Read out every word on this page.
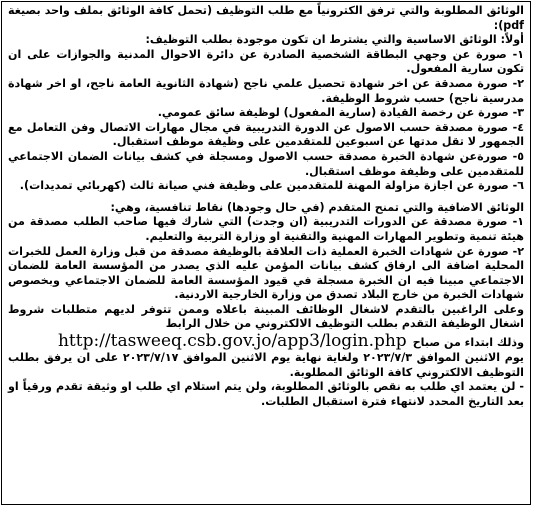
الوثائق المطلوبة والتي ترفق الكترونياً مع طلب التوظيف (تحمل كافة الوثائق بملف واحد بصيغة pdf):

أولاً: الوثائق الاساسية والتي يشترط ان تكون موجودة بطلب التوظيف:

١- صورة عن وجهي البطاقة الشخصية الصادرة عن دائرة الاحوال المدنية والجوازات على ان تكون سارية المفعول.

٢- صورة مصدقة عن اخر شهادة تحصيل علمي ناجح (شهادة الثانوية العامة ناجح، او اخر شهادة مدرسية ناجح) حسب شروط الوظيفة.

٣- صورة عن رخصة القيادة (سارية المفعول) لوظيفة سائق عمومي.

٤- صورة مصدقة حسب الاصول عن الدورة التدريبية في مجال مهارات الاتصال وفن التعامل مع الجمهور لا تقل مدتها عن اسبوعين للمتقدمين على وظيفة موظف استقبال.

٥- صورةعن شهادة الخبرة مصدقة حسب الاصول ومسجلة في كشف بيانات الضمان الاجتماعي للمتقدمين على وظيفة موظف استقبال.

٦- صورة عن اجازة مزاولة المهنة للمتقدمين على وظيفة فني صيانة ثالث (كهربائي تمديدات).

الوثائق الاضافية والتي تمنح المتقدم (في حال وجودها) نقاط تنافسية، وهي:

١- صورة مصدقة عن الدورات التدريبية (ان وجدت) التي شارك فيها صاحب الطلب مصدقة من هيئة تنمية وتطوير المهارات المهنية والتقنية او وزارة التربية والتعليم.

٢- صورة عن شهادات الخبرة العملية ذات العلاقة بالوظيفة مصدقة من قبل وزارة العمل للخبرات المحلية اضافة الى ارفاق كشف بيانات المؤمن عليه الذي يصدر من المؤسسة العامة للضمان الاجتماعي مبينا فيه ان الخبرة مسجلة في قيود المؤسسة العامة للضمان الاجتماعي وبخصوص شهادات الخبرة من خارج البلاد تصدق من وزارة الخارجية الاردنية.

وعلى الراغبين بالتقدم لاشغال الوظائف المبينة باعلاه وممن تتوفر لديهم متطلبات شروط اشغال الوظيفة التقدم بطلب التوظيف الالكتروني من خلال الرابط

وذلك ابتداء من صباح

http://tasweeq.csb.gov.jo/app3/login.php

يوم الاثنين الموافق ٢٠٢٣/٧/٣ ولغاية نهاية يوم الاثنين الموافق ٢٠٢٣/٧/١٧ على ان يرفق بطلب التوظيف الالكتروني كافة الوثائق المطلوبة.

- لن يعتمد اي طلب به نقص بالوثائق المطلوبة، ولن يتم استلام اي طلب او وثيقة تقدم ورقياً او بعد التاريخ المحدد لانتهاء فترة استقبال الطلبات.
